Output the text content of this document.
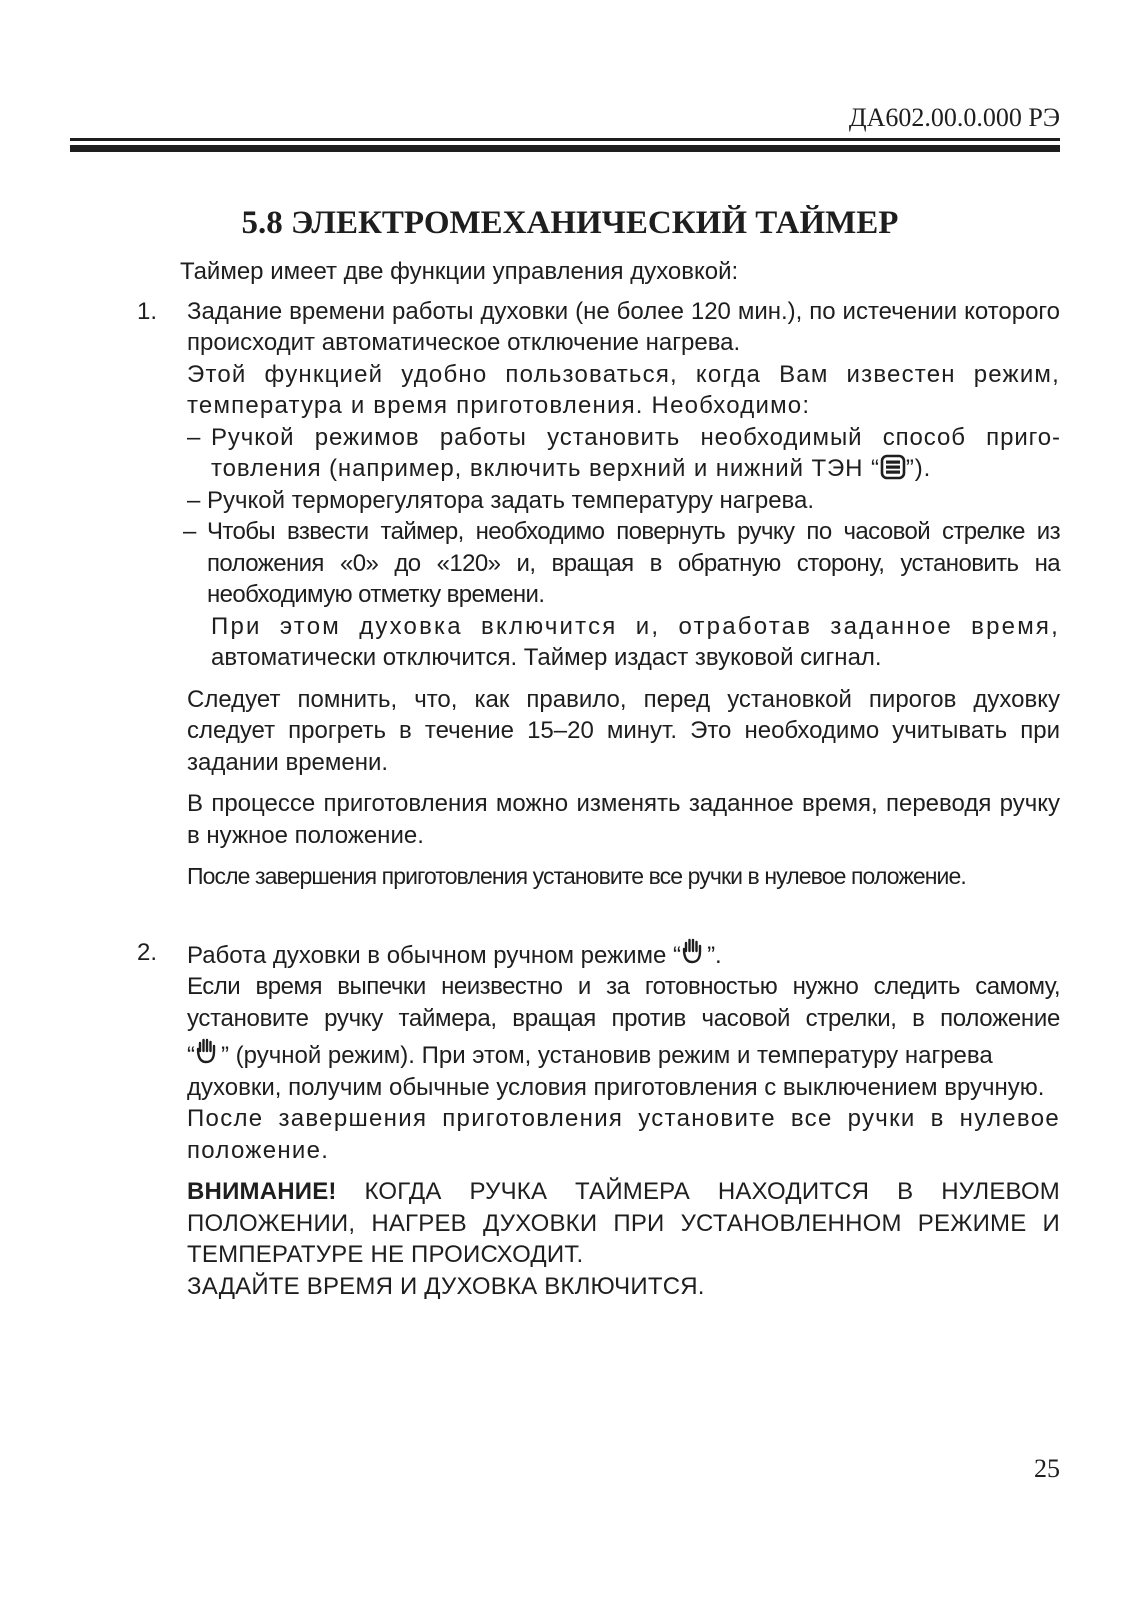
ДА602.00.0.000 РЭ
5.8 ЭЛЕКТРОМЕХАНИЧЕСКИЙ ТАЙМЕР
Таймер имеет две функции управления духовкой:
1. Задание времени работы духовки (не более 120 мин.), по истечении которого происходит автоматическое отключение нагрева.
Этой функцией удобно пользоваться, когда Вам известен режим, температура и время приготовления. Необходимо:
– Ручкой режимов работы установить необходимый способ приготовления (например, включить верхний и нижний ТЭН “ ”).
– Ручкой терморегулятора задать температуру нагрева.
– Чтобы взвести таймер, необходимо повернуть ручку по часовой стрелке из положения «0» до «120» и, вращая в обратную сторону, установить на необходимую отметку времени.
При этом духовка включится и, отработав заданное время,
автоматически отключится. Таймер издаст звуковой сигнал.
Следует помнить, что, как правило, перед установкой пирогов духовку следует прогреть в течение 15–20 минут. Это необходимо учитывать при задании времени.
В процессе приготовления можно изменять заданное время, переводя ручку в нужное положение.
После завершения приготовления установите все ручки в нулевое положение.
2. Работа духовки в обычном ручном режиме “ ”.
Если время выпечки неизвестно и за готовностью нужно следить самому,
установите ручку таймера, вращая против часовой стрелки, в положение
“ ” (ручной режим). При этом, установив режим и температуру нагрева духовки, получим обычные условия приготовления с выключением вручную.
После завершения приготовления установите все ручки в нулевое положение.
ВНИМАНИЕ! КОГДА РУЧКА ТАЙМЕРА НАХОДИТСЯ В НУЛЕВОМ ПОЛОЖЕНИИ, НАГРЕВ ДУХОВКИ ПРИ УСТАНОВЛЕННОМ РЕЖИМЕ И ТЕМПЕРАТУРЕ НЕ ПРОИСХОДИТ.
ЗАДАЙТЕ ВРЕМЯ И ДУХОВКА ВКЛЮЧИТСЯ.
25
